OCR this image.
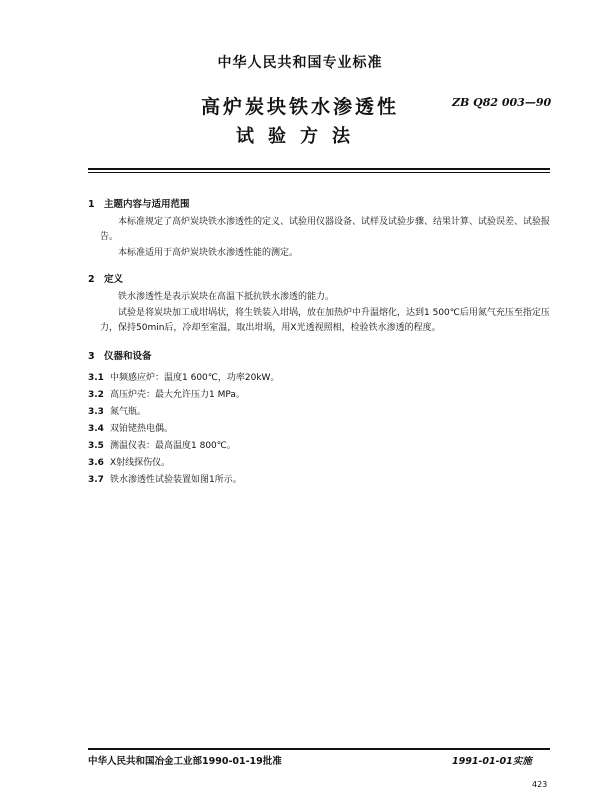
中华人民共和国专业标准
高炉炭块铁水渗透性
试验方法
ZB Q82 003—90
1 主题内容与适用范围
本标准规定了高炉炭块铁水渗透性的定义、试验用仪器设备、试样及试验步骤、结果计算、试验误差、试验报告。
本标准适用于高炉炭块铁水渗透性能的测定。
2 定义
铁水渗透性是表示炭块在高温下抵抗铁水渗透的能力。
试验是将炭块加工成坩埚状，将生铁装入坩埚，放在加热炉中升温熔化，达到1 500℃后用氮气充压至指定压力，保持50min后，冷却至室温，取出坩埚，用X光透视照相，检验铁水渗透的程度。
3 仪器和设备
3.1 中频感应炉：温度1 600℃，功率20kW。
3.2 高压炉壳：最大允许压力1 MPa。
3.3 氮气瓶。
3.4 双铂铑热电偶。
3.5 测温仪表：最高温度1 800℃。
3.6 X射线探伤仪。
3.7 铁水渗透性试验装置如图1所示。
中华人民共和国冶金工业部1990-01-19批准	1991-01-01实施
423
